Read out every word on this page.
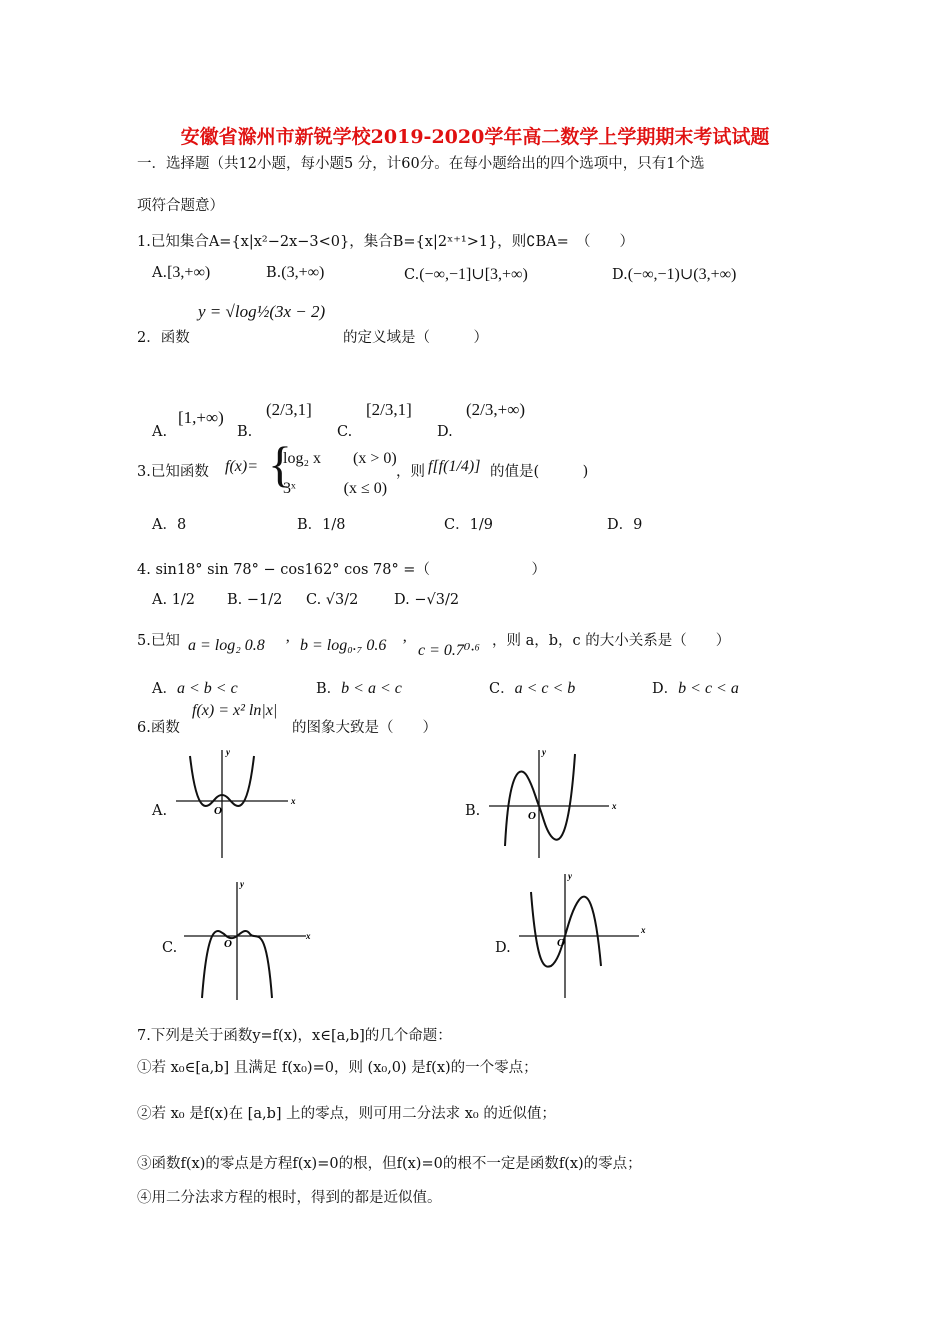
安徽省滁州市新锐学校2019-2020学年高二数学上学期期末考试试题
一．选择题（共12小题，每小题5 分，计60分。在每小题给出的四个选项中，只有1个选
项符合题意）
1.已知集合A={x|x²−2x−3<0}，集合B={x|2ˣ⁺¹>1}，则∁BA=　（　　）
A.[3,+∞)	B.(3,+∞)	C.(−∞,−1]∪[3,+∞)	D.(−∞,−1)∪(3,+∞)
2．函数
y = √log½(3x − 2)
的定义域是（　　　）
A.
[1,+∞)
B.
(2/3,1]
C.
[2/3,1]
D.
(2/3,+∞)
3.已知函数 f(x)= {
log₂ x　　(x > 0)
3ˣ　　　(x ≤ 0)
，则 f[f(1/4)] 的值是(　　　)
A．8	B．1/8	C．1/9	D．9
4. sin18° sin 78° − cos162° cos 78° =（　　　　　　　）
A. 1/2 B. −1/2 C. √3/2 D. −√3/2
5.已知 a = log₂ 0.8 ’ b = log₀.₇ 0.6 ’ c = 0.7⁰·⁶
，则 a，b，c 的大小关系是（　　）
A．a < b < c	B．b < a < c	C．a < c < b	D．b < c < a
6.函数
f(x) = x² ln|x|
的图象大致是（　　）
A.
x
y
O	B.	x
y
O
C.
x
y
O	D.
x
y
O
7.下列是关于函数y=f(x)，x∈[a,b]的几个命题：
①若 x₀∈[a,b] 且满足 f(x₀)=0，则 (x₀,0) 是f(x)的一个零点；
②若 x₀ 是f(x)在 [a,b] 上的零点，则可用二分法求 x₀ 的近似值；
③函数f(x)的零点是方程f(x)=0的根，但f(x)=0的根不一定是函数f(x)的零点；
④用二分法求方程的根时，得到的都是近似值。
